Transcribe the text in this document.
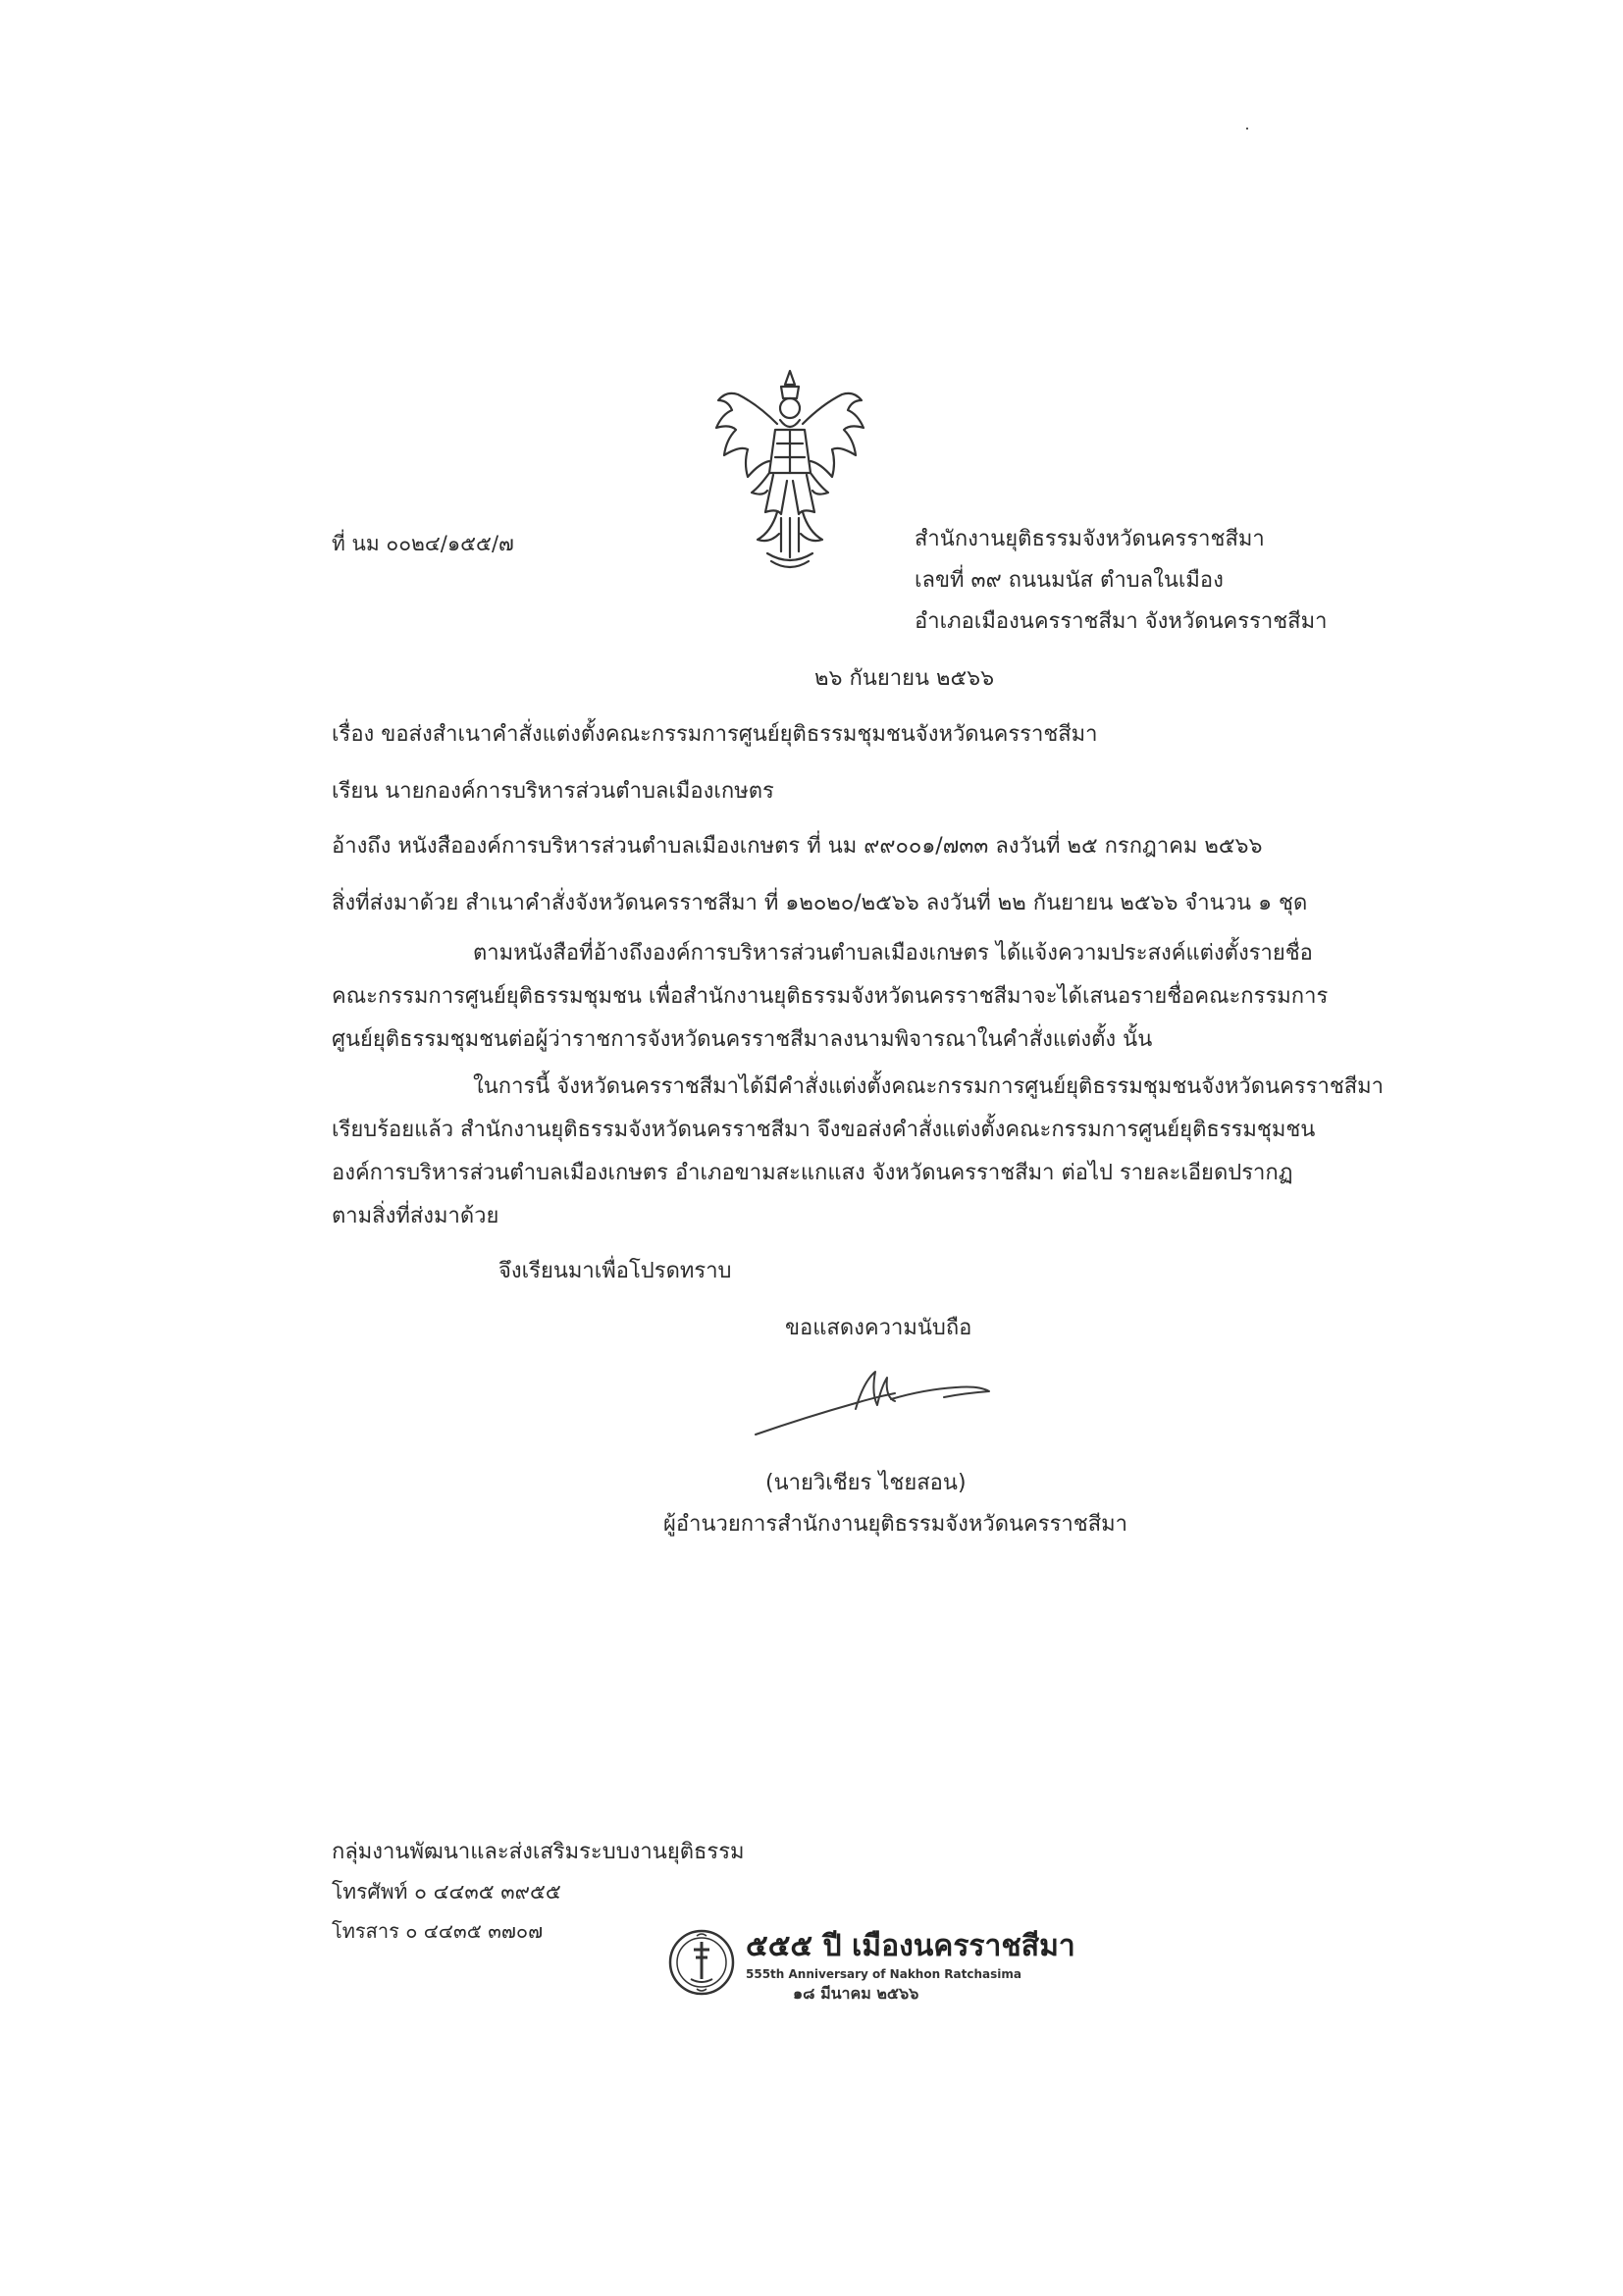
ที่ นม ๐๐๒๔/๑๕๕/๗	สำนักงานยุติธรรมจังหวัดนครราชสีมา
เลขที่ ๓๙ ถนนมนัส ตำบลในเมือง
อำเภอเมืองนครราชสีมา จังหวัดนครราชสีมา
๒๖ กันยายน ๒๕๖๖
เรื่อง ขอส่งสำเนาคำสั่งแต่งตั้งคณะกรรมการศูนย์ยุติธรรมชุมชนจังหวัดนครราชสีมา
เรียน นายกองค์การบริหารส่วนตำบลเมืองเกษตร
อ้างถึง หนังสือองค์การบริหารส่วนตำบลเมืองเกษตร ที่ นม ๙๙๐๐๑/๗๓๓ ลงวันที่ ๒๕ กรกฎาคม ๒๕๖๖
สิ่งที่ส่งมาด้วย สำเนาคำสั่งจังหวัดนครราชสีมา ที่ ๑๒๐๒๐/๒๕๖๖ ลงวันที่ ๒๒ กันยายน ๒๕๖๖ จำนวน ๑ ชุด
ตามหนังสือที่อ้างถึงองค์การบริหารส่วนตำบลเมืองเกษตร ได้แจ้งความประสงค์แต่งตั้งรายชื่อ
คณะกรรมการศูนย์ยุติธรรมชุมชน เพื่อสำนักงานยุติธรรมจังหวัดนครราชสีมาจะได้เสนอรายชื่อคณะกรรมการ
ศูนย์ยุติธรรมชุมชนต่อผู้ว่าราชการจังหวัดนครราชสีมาลงนามพิจารณาในคำสั่งแต่งตั้ง นั้น
ในการนี้ จังหวัดนครราชสีมาได้มีคำสั่งแต่งตั้งคณะกรรมการศูนย์ยุติธรรมชุมชนจังหวัดนครราชสีมา
เรียบร้อยแล้ว สำนักงานยุติธรรมจังหวัดนครราชสีมา จึงขอส่งคำสั่งแต่งตั้งคณะกรรมการศูนย์ยุติธรรมชุมชน
องค์การบริหารส่วนตำบลเมืองเกษตร อำเภอขามสะแกแสง จังหวัดนครราชสีมา ต่อไป รายละเอียดปรากฏ
ตามสิ่งที่ส่งมาด้วย
จึงเรียนมาเพื่อโปรดทราบ
ขอแสดงความนับถือ
(นายวิเชียร ไชยสอน)
ผู้อำนวยการสำนักงานยุติธรรมจังหวัดนครราชสีมา
กลุ่มงานพัฒนาและส่งเสริมระบบงานยุติธรรม
โทรศัพท์ ๐ ๔๔๓๕ ๓๙๕๕
โทรสาร ๐ ๔๔๓๕ ๓๗๐๗	๕๕๕ ปี เมืองนครราชสีมา
555th Anniversary of Nakhon Ratchasima
๑๘ มีนาคม ๒๕๖๖
